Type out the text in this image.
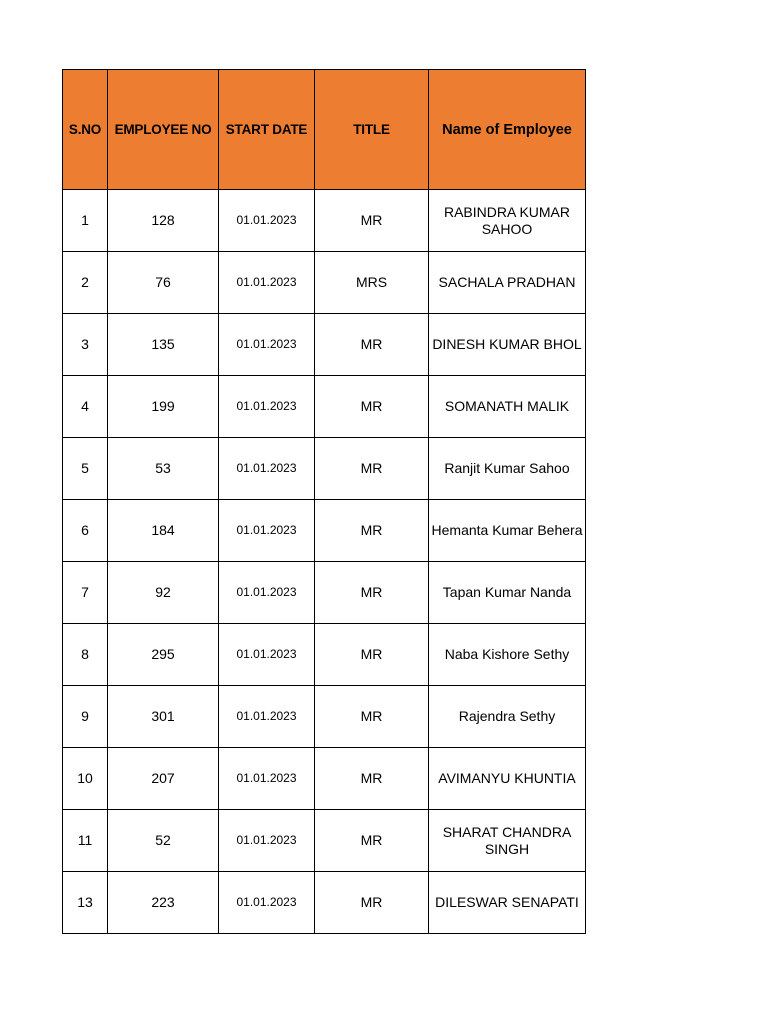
S.NO	EMPLOYEE NO	START DATE	TITLE	Name of Employee
1	128	01.01.2023	MR	RABINDRA KUMAR SAHOO
2	76	01.01.2023	MRS	SACHALA PRADHAN
3	135	01.01.2023	MR	DINESH KUMAR BHOL
4	199	01.01.2023	MR	SOMANATH MALIK
5	53	01.01.2023	MR	Ranjit Kumar Sahoo
6	184	01.01.2023	MR	Hemanta Kumar Behera
7	92	01.01.2023	MR	Tapan Kumar Nanda
8	295	01.01.2023	MR	Naba Kishore Sethy
9	301	01.01.2023	MR	Rajendra Sethy
10	207	01.01.2023	MR	AVIMANYU KHUNTIA
11	52	01.01.2023	MR	SHARAT CHANDRA SINGH
13	223	01.01.2023	MR	DILESWAR SENAPATI
